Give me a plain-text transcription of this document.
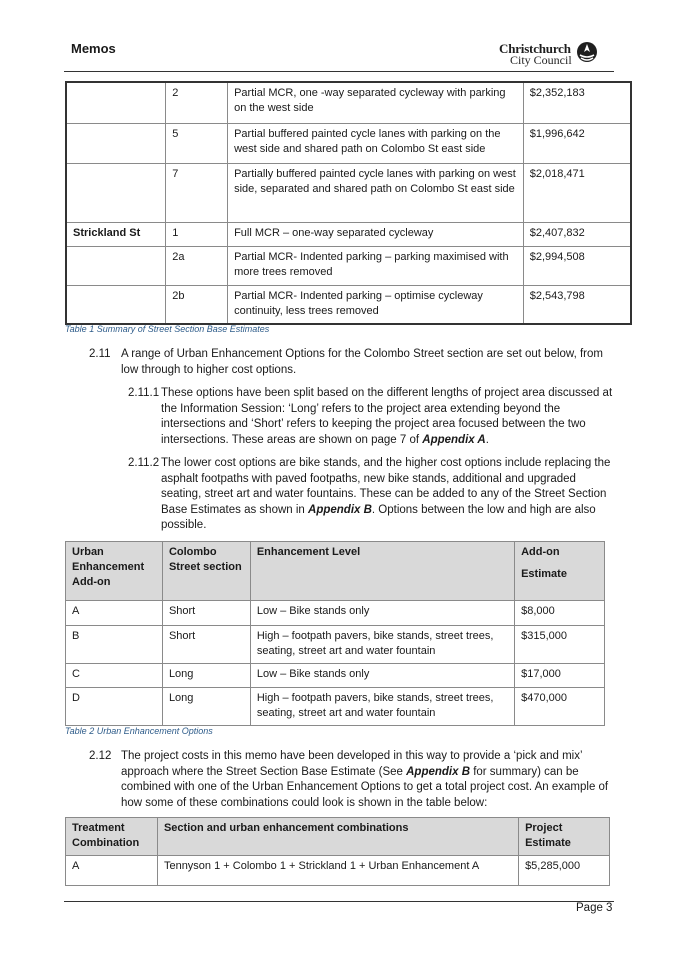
Memos	Christchurch
City Council
	2	Partial MCR, one -way separated cycleway with parking on the west side	$2,352,183
	5	Partial buffered painted cycle lanes with parking on the west side and shared path on Colombo St east side	$1,996,642
	7	Partially buffered painted cycle lanes with parking on west side, separated and shared path on Colombo St east side	$2,018,471
Strickland St	1	Full MCR – one-way separated cycleway	$2,407,832
	2a	Partial MCR- Indented parking – parking maximised with more trees removed	$2,994,508
	2b	Partial MCR- Indented parking – optimise cycleway continuity, less trees removed	$2,543,798
Table 1 Summary of Street Section Base Estimates
2.11 A range of Urban Enhancement Options for the Colombo Street section are set out below, from low through to higher cost options.
2.11.1 These options have been split based on the different lengths of project area discussed at the Information Session: ‘Long’ refers to the project area extending beyond the intersections and ‘Short’ refers to keeping the project area focused between the two intersections. These areas are shown on page 7 of Appendix A.
2.11.2 The lower cost options are bike stands, and the higher cost options include replacing the asphalt footpaths with paved footpaths, new bike stands, additional and upgraded seating, street art and water fountains. These can be added to any of the Street Section Base Estimates as shown in Appendix B. Options between the low and high are also possible.
Urban Enhancement Add-on	Colombo Street section	Enhancement Level	Add-on
Estimate

A	Short	Low – Bike stands only	$8,000
B	Short	High – footpath pavers, bike stands, street trees, seating, street art and water fountain	$315,000
C	Long	Low – Bike stands only	$17,000
D	Long	High – footpath pavers, bike stands, street trees, seating, street art and water fountain	$470,000
Table 2 Urban Enhancement Options
2.12 The project costs in this memo have been developed in this way to provide a ‘pick and mix’ approach where the Street Section Base Estimate (See Appendix B for summary) can be combined with one of the Urban Enhancement Options to get a total project cost. An example of how some of these combinations could look is shown in the table below:
Treatment Combination	Section and urban enhancement combinations	Project Estimate
A	Tennyson 1 + Colombo 1 + Strickland 1 + Urban Enhancement A	$5,285,000
Page 3
